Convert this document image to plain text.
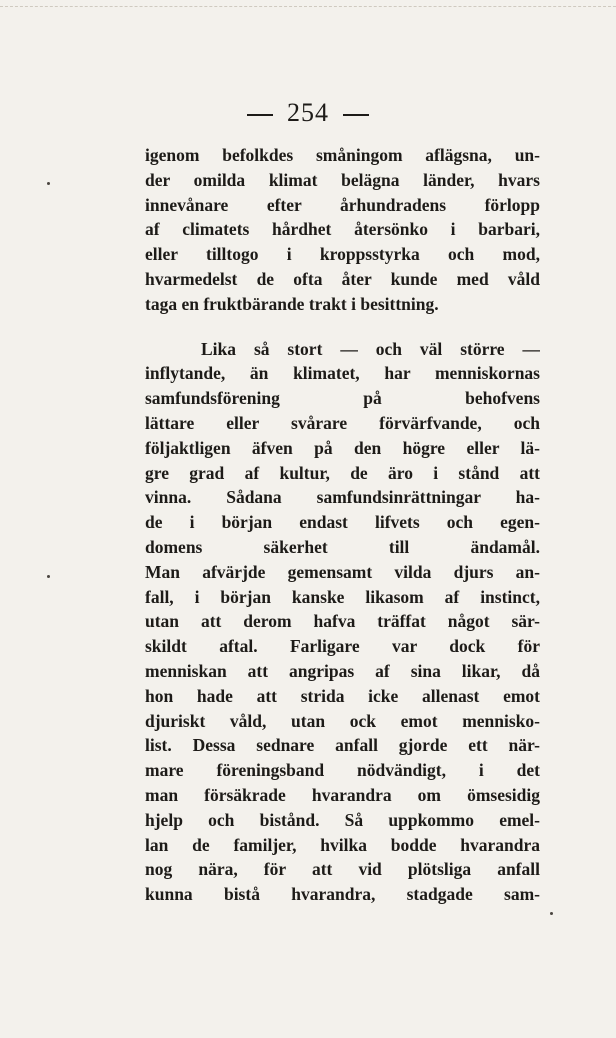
254
igenom befolkdes småningom aflägsna, un-
der omilda klimat belägna länder, hvars
innevånare efter århundradens förlopp
af climatets hårdhet återsönko i barbari,
eller tilltogo i kroppsstyrka och mod,
hvarmedelst de ofta åter kunde med våld
taga en fruktbärande trakt i besittning.
Lika så stort — och väl större —
inflytande, än klimatet, har menniskornas
samfundsförening på behofvens
lättare eller svårare förvärfvande, och
följaktligen äfven på den högre eller lä-
gre grad af kultur, de äro i stånd att
vinna. Sådana samfundsinrättningar ha-
de i början endast lifvets och egen-
domens säkerhet till ändamål.
Man afvärjde gemensamt vilda djurs an-
fall, i början kanske likasom af instinct,
utan att derom hafva träffat något sär-
skildt aftal. Farligare var dock för
menniskan att angripas af sina likar, då
hon hade att strida icke allenast emot
djuriskt våld, utan ock emot mennisko-
list. Dessa sednare anfall gjorde ett när-
mare föreningsband nödvändigt, i det
man försäkrade hvarandra om ömsesidig
hjelp och bistånd. Så uppkommo emel-
lan de familjer, hvilka bodde hvarandra
nog nära, för att vid plötsliga anfall
kunna bistå hvarandra, stadgade sam-
